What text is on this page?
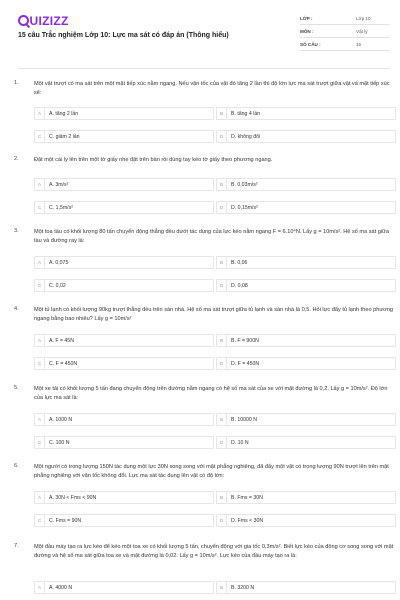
UIZIZZ
15 câu Trắc nghiệm Lớp 10: Lực ma sát có đáp án (Thông hiểu)
LỚP :	Lớp 10
MÔN :	Vật lý
SỐ CÂU :	15
1.	Một vật trượt có ma sát trên một mặt tiếp xúc nằm ngang. Nếu vận tốc của vật đó tăng 2 lần thì độ lớn lực ma sát trượt giữa vật và mặt tiếp xúc sẽ:
A	A. tăng 2 lần	B	B. tăng 4 lần
C	C. giảm 2 lần	D	D. không đổi
2.	Đặt một cái ly lên trên một tờ giấy nhẹ đặt trên bàn rồi dùng tay kéo tờ giấy theo phương ngang.
A	A. 3m/s²	B	B. 0,03m/s²
C	C. 1,5m/s²	D	D. 0,15m/s²
3.	Một toa tàu có khối lượng 80 tấn chuyển động thẳng đều dưới tác dụng của lực kéo nằm ngang F = 6.10⁴N. Lấy g = 10m/s². Hệ số ma sát giữa tàu và đường ray là:
A	A. 0,075	B	B. 0,06
C	C. 0,02	D	D. 0,08
4.	Một tủ lạnh có khối lượng 90kg trượt thẳng đều trên sàn nhà. Hệ số ma sát trượt giữa tủ lạnh và sàn nhà là 0,5. Hỏi lực đẩy tủ lạnh theo phương ngang bằng bao nhiêu? Lấy g = 10m/s²
A	A. F = 45N	B	B. F = 900N
C	C. F = 450N	D	D. F = 450N
5.	Một xe tải có khối lượng 5 tấn đang chuyển động trên đường nằm ngang có hệ số ma sát của xe với mặt đường là 0,2. Lấy g = 10m/s². Độ lớn của lực ma sát là:
A	A. 1000 N	B	B. 10000 N
C	C. 100 N	D	D. 10 N
6.	Một người có trọng lượng 150N tác dụng một lực 30N song song với mặt phẳng nghiêng, đã đẩy một vật có trọng lượng 90N trượt lên trên mặt phẳng nghiêng với vận tốc không đổi. Lực ma sát tác dụng lên vật có độ lớn:
A	A. 30N < Fms < 90N	B	B. Fms = 30N
C	C. Fms = 90N	D	D. Fms < 30N
7.	Một đầu máy tạo ra lực kéo để kéo một toa xe có khối lượng 5 tấn, chuyển động với gia tốc 0,3m/s². Biết lực kéo của động cơ song song với mặt đường và hệ số ma sát giữa toa xe và mặt đường là 0,02. Lấy g = 10m/s². Lực kéo của đầu máy tạo ra là:
A	A. 4000 N	B	B. 3200 N
